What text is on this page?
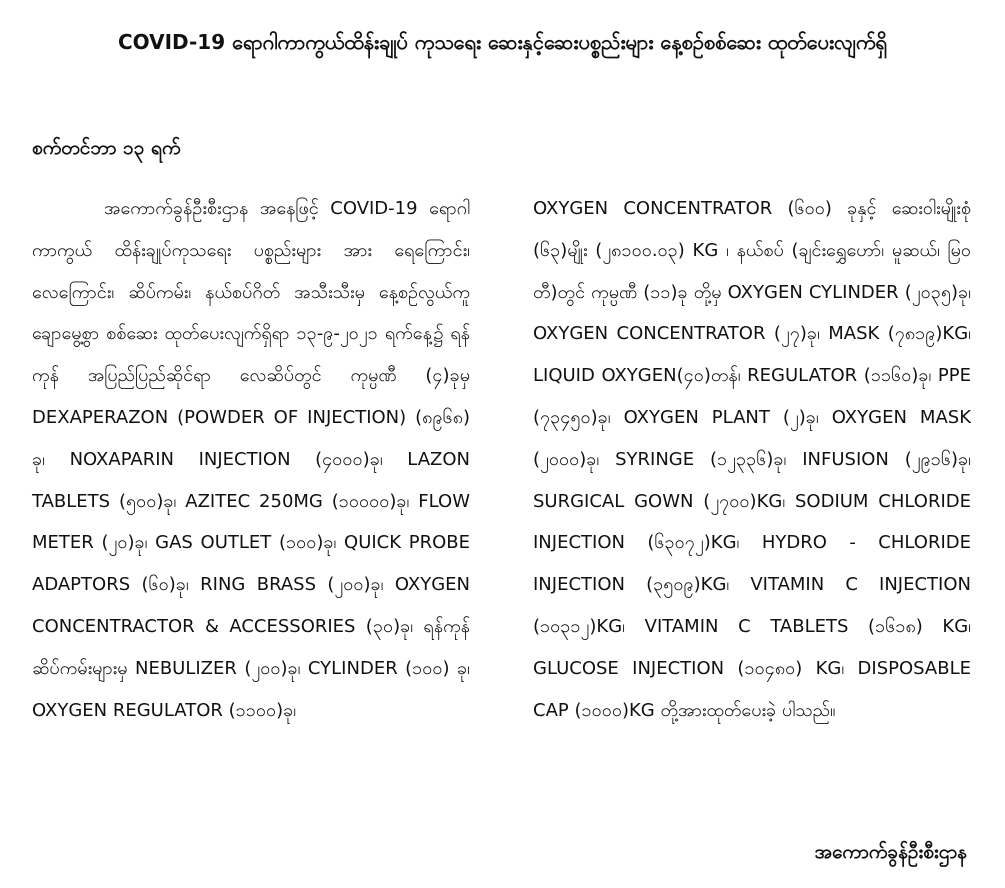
COVID-19 ရောဂါကာကွယ်ထိန်းချုပ် ကုသရေး ဆေးနှင့်ဆေးပစ္စည်းများ နေ့စဉ်စစ်ဆေး ထုတ်ပေးလျက်ရှိ
စက်တင်ဘာ ၁၃ ရက်

အကောက်ခွန်ဦးစီးဌာန အနေဖြင့် COVID-19 ရောဂါကာကွယ် ထိန်းချုပ်ကုသရေး ပစ္စည်းများ အား ရေကြောင်း၊ လေကြောင်း၊ ဆိပ်ကမ်း၊ နယ်စပ်ဂိတ် အသီးသီးမှ နေ့စဉ်လွယ်ကူချောမွေ့စွာ စစ်ဆေး ထုတ်ပေးလျက်ရှိရာ ၁၃-၉-၂၀၂၁ ရက်နေ့၌ ရန်ကုန် အပြည်ပြည်ဆိုင်ရာ လေဆိပ်တွင် ကုမ္ပဏီ (၄)ခုမှ DEXAPERAZON (POWDER OF INJECTION) (၈၉၆၈) ခု၊ NOXAPARIN INJECTION (၄၀၀၀)ခု၊ LAZON TABLETS (၅၀၀)ခု၊ AZITEC 250MG (၁၀၀၀၀)ခု၊ FLOW METER (၂၀)ခု၊ GAS OUTLET (၁၀၀)ခု၊ QUICK PROBE ADAPTORS (၆၀)ခု၊ RING BRASS (၂၀၀)ခု၊ OXYGEN CONCENTRACTOR & ACCESSORIES (၃၀)ခု၊ ရန်ကုန်ဆိပ်ကမ်းများမှ NEBULIZER (၂၀၀)ခု၊ CYLINDER (၁၀၀) ခု၊ OXYGEN REGULATOR (၁၁၀၀)ခု၊

OXYGEN CONCENTRATOR (၆၀၀) ခုနှင့် ဆေးဝါးမျိုးစုံ (၆၃)မျိုး (၂၈၁၀၀.၀၃) KG ၊ နယ်စပ် (ချင်းရွှေဟော်၊ မူဆယ်၊ မြဝတီ)တွင် ကုမ္ပဏီ (၁၁)ခု တို့မှ OXYGEN CYLINDER (၂၀၃၅)ခု၊ OXYGEN CONCENTRATOR (၂၇)ခု၊ MASK (၇၈၁၉)KG၊ LIQUID OXYGEN(၄၀)တန်၊ REGULATOR (၁၁၆၀)ခု၊ PPE (၇၃၄၅၀)ခု၊ OXYGEN PLANT (၂)ခု၊ OXYGEN MASK (၂၀၀၀)ခု၊ SYRINGE (၁၂၃၃၆)ခု၊ INFUSION (၂၉၁၆)ခု၊ SURGICAL GOWN (၂၇၀၀)KG၊ SODIUM CHLORIDE INJECTION (၆၃၀၇၂)KG၊ HYDRO - CHLORIDE INJECTION (၃၅၀၉)KG၊ VITAMIN C INJECTION (၁၀၃၁၂)KG၊ VITAMIN C TABLETS (၁၆၁၈) KG၊ GLUCOSE INJECTION (၁၀၄၈၀) KG၊ DISPOSABLE CAP (၁၀၀၀)KG တို့အားထုတ်ပေးခဲ့ ပါသည်။

အကောက်ခွန်ဦးစီးဌာန
